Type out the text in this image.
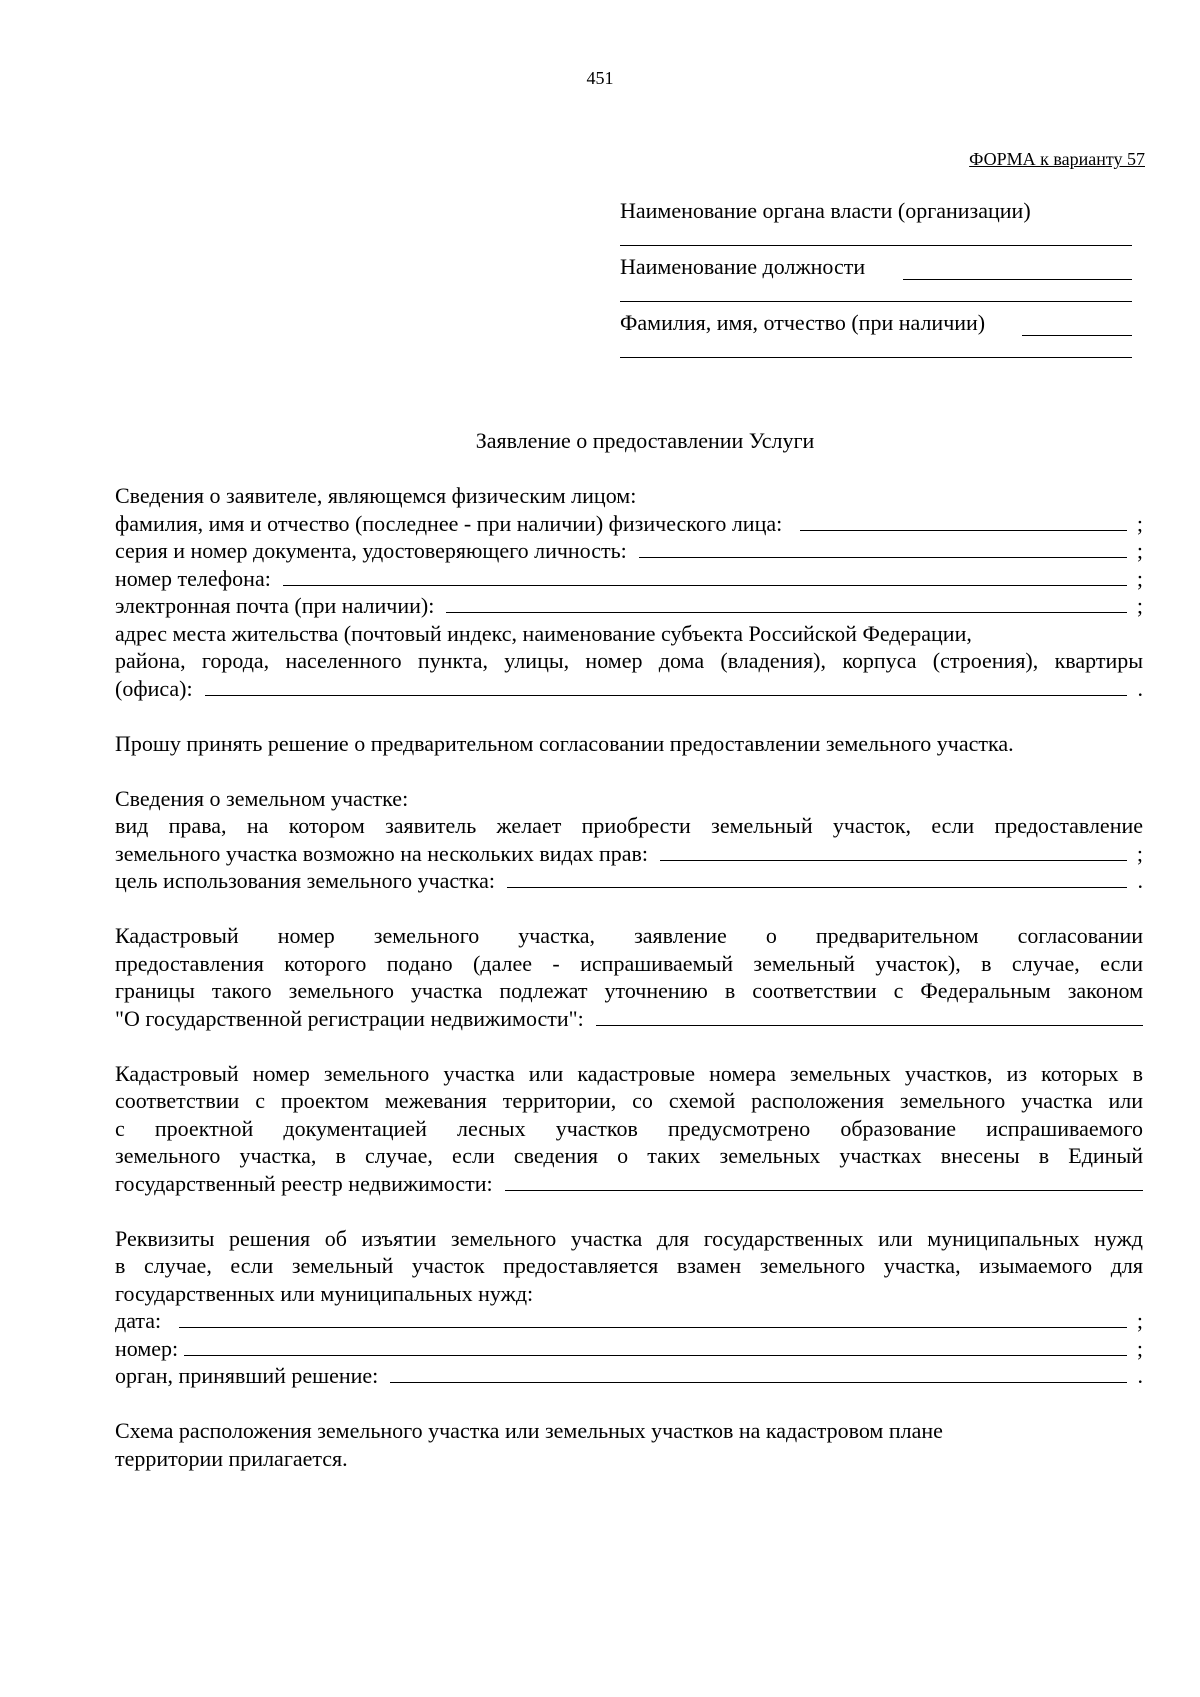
451
ФОРМА к варианту 57
Наименование органа власти (организации)
Наименование должности
Фамилия, имя, отчество (при наличии)
Заявление о предоставлении Услуги
Сведения о заявителе, являющемся физическим лицом:
фамилия, имя и отчество (последнее - при наличии) физического лица:	;
серия и номер документа, удостоверяющего личность:	;
номер телефона:	;
электронная почта (при наличии):	;
адрес места жительства (почтовый индекс, наименование субъекта Российской Федерации,
района, города, населенного пункта, улицы, номер дома (владения), корпуса (строения), квартиры
(офиса):	.
Прошу принять решение о предварительном согласовании предоставлении земельного участка.
Сведения о земельном участке:
вид права, на котором заявитель желает приобрести земельный участок, если предоставление
земельного участка возможно на нескольких видах прав:	;
цель использования земельного участка:	.
Кадастровый номер земельного участка, заявление о предварительном согласовании
предоставления которого подано (далее - испрашиваемый земельный участок), в случае, если
границы такого земельного участка подлежат уточнению в соответствии с Федеральным законом
"О государственной регистрации недвижимости":
Кадастровый номер земельного участка или кадастровые номера земельных участков, из которых в
соответствии с проектом межевания территории, со схемой расположения земельного участка или
с проектной документацией лесных участков предусмотрено образование испрашиваемого
земельного участка, в случае, если сведения о таких земельных участках внесены в Единый
государственный реестр недвижимости:
Реквизиты решения об изъятии земельного участка для государственных или муниципальных нужд
в случае, если земельный участок предоставляется взамен земельного участка, изымаемого для
государственных или муниципальных нужд:
дата:	;
номер:	;
орган, принявший решение:	.
Схема расположения земельного участка или земельных участков на кадастровом плане
территории прилагается.
